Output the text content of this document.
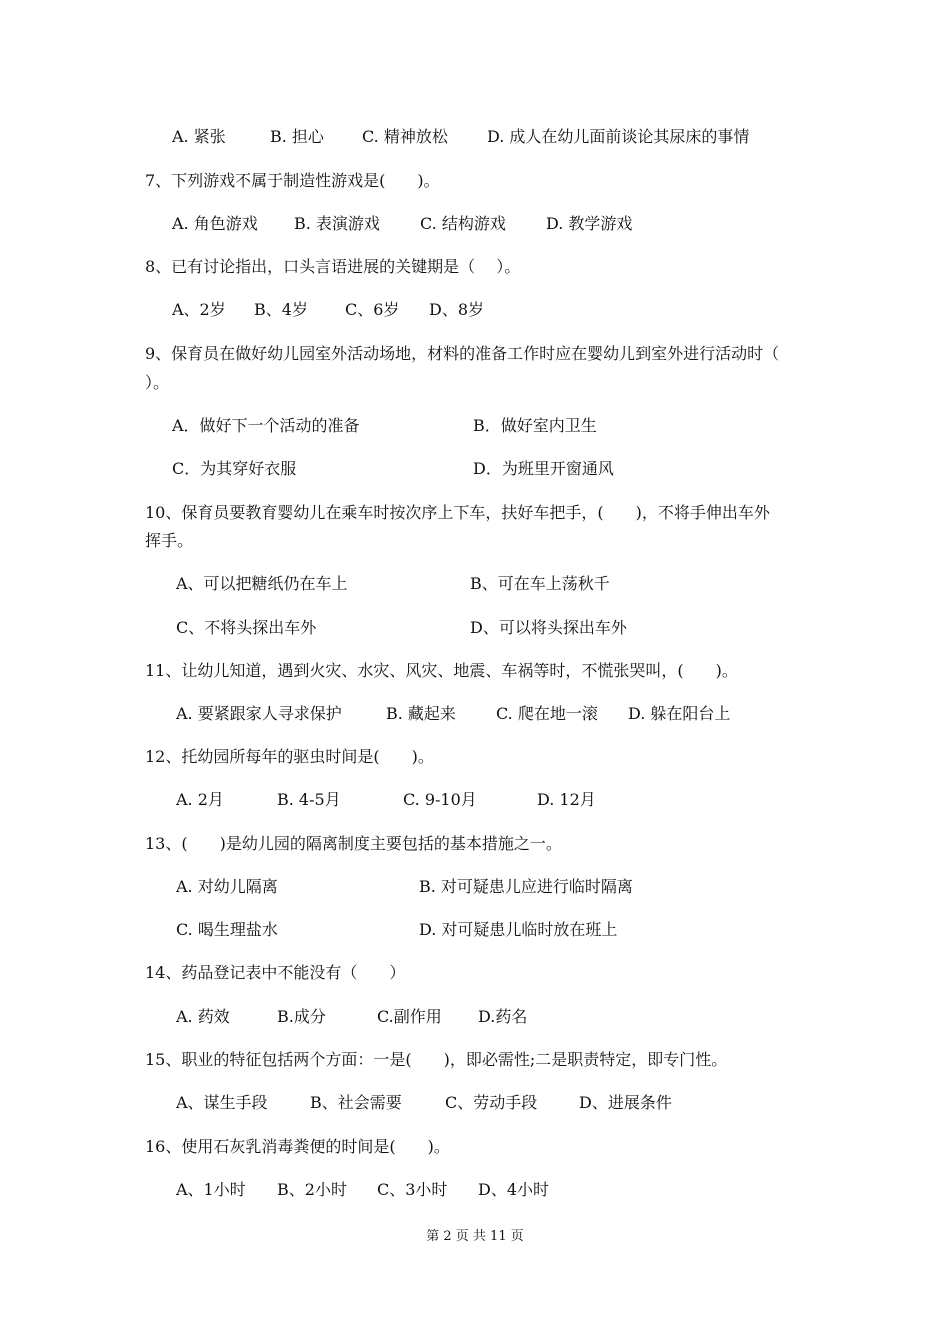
A. 紧张	B. 担心 C. 精神放松 D. 成人在幼儿面前谈论其尿床的事情
7、下列游戏不属于制造性游戏是(　　)。
A. 角色游戏 B. 表演游戏	C. 结构游戏	D. 教学游戏
8、已有讨论指出，口头言语进展的关键期是（　 ）。
A、2岁 B、4岁 C、6岁 D、8岁
9、保育员在做好幼儿园室外活动场地，材料的准备工作时应在婴幼儿到室外进行活动时（
）。
A．做好下一个活动的准备	B．做好室内卫生
C．为其穿好衣服	D．为班里开窗通风
10、保育员要教育婴幼儿在乘车时按次序上下车，扶好车把手，(　　)，不将手伸出车外
挥手。
A、可以把糖纸仍在车上	B、可在车上荡秋千
C、不将头探出车外	D、可以将头探出车外
11、让幼儿知道，遇到火灾、水灾、风灾、地震、车祸等时，不慌张哭叫，(　　)。
A. 要紧跟家人寻求保护	B. 藏起来	C. 爬在地一滚 D. 躲在阳台上
12、托幼园所每年的驱虫时间是(　　)。
A. 2月	B. 4-5月	C. 9-10月	D. 12月
13、(　　)是幼儿园的隔离制度主要包括的基本措施之一。
A. 对幼儿隔离	B. 对可疑患儿应进行临时隔离
C. 喝生理盐水	D. 对可疑患儿临时放在班上
14、药品登记表中不能没有（　　）
A. 药效	B.成分	C.副作用 D.药名
15、职业的特征包括两个方面：一是(　　)，即必需性;二是职责特定，即专门性。
A、谋生手段	B、社会需要	C、劳动手段	D、进展条件
16、使用石灰乳消毒粪便的时间是(　　)。
A、1小时 B、2小时 C、3小时 D、4小时
第 2 页 共 11 页
